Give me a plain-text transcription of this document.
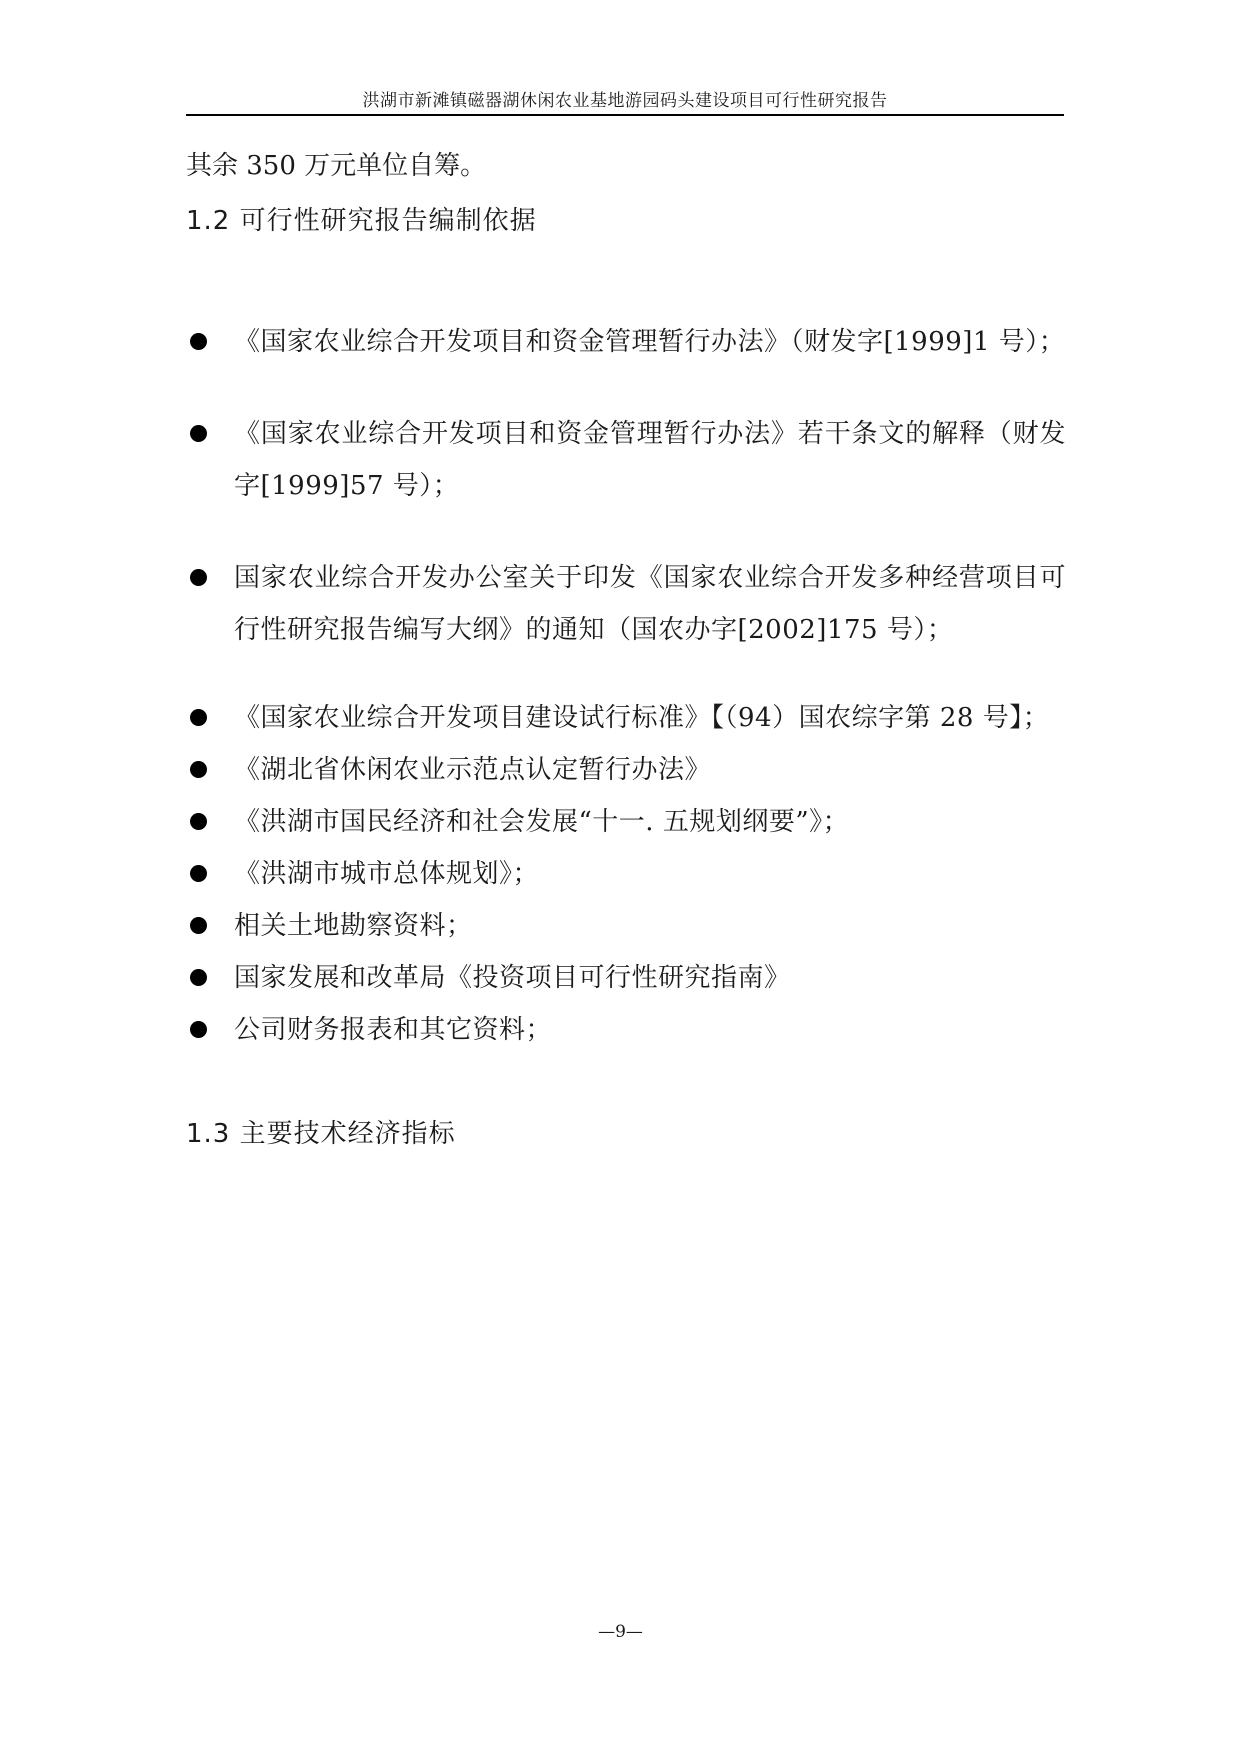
洪湖市新滩镇磁器湖休闲农业基地游园码头建设项目可行性研究报告
其余 350 万元单位自筹。
1.2 可行性研究报告编制依据
《国家农业综合开发项目和资金管理暂行办法》（财发字[1999]1 号）；
《国家农业综合开发项目和资金管理暂行办法》若干条文的解释（财发字[1999]57 号）；
国家农业综合开发办公室关于印发《国家农业综合开发多种经营项目可行性研究报告编写大纲》的通知（国农办字[2002]175 号）；
《国家农业综合开发项目建设试行标准》【（94）国农综字第 28 号】；
《湖北省休闲农业示范点认定暂行办法》
《洪湖市国民经济和社会发展“十一. 五规划纲要”》；
《洪湖市城市总体规划》；
相关土地勘察资料；
国家发展和改革局《投资项目可行性研究指南》
公司财务报表和其它资料；
1.3 主要技术经济指标
—9—
